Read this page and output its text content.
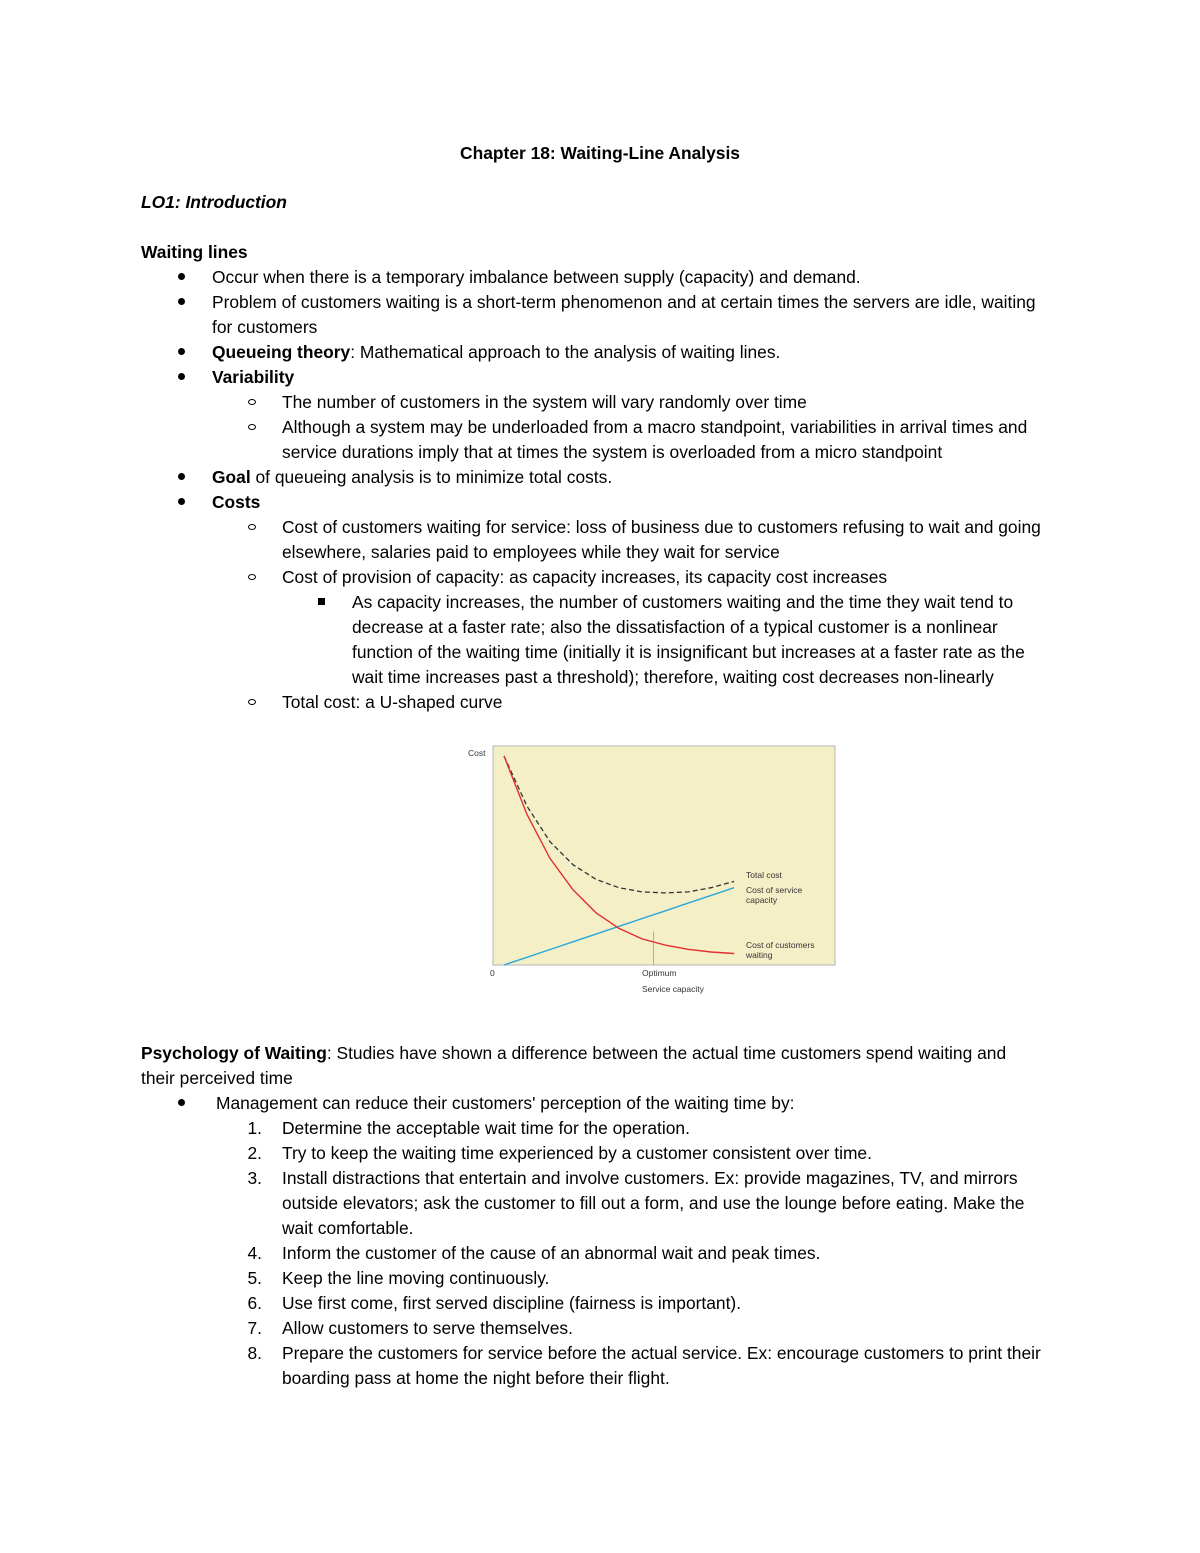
Chapter 18: Waiting-Line Analysis
LO1: Introduction
Waiting lines
Occur when there is a temporary imbalance between supply (capacity) and demand.
Problem of customers waiting is a short-term phenomenon and at certain times the servers are idle, waiting
for customers
Queueing theory: Mathematical approach to the analysis of waiting lines.
Variability
The number of customers in the system will vary randomly over time
Although a system may be underloaded from a macro standpoint, variabilities in arrival times and
service durations imply that at times the system is overloaded from a micro standpoint
Goal of queueing analysis is to minimize total costs.
Costs
Cost of customers waiting for service: loss of business due to customers refusing to wait and going
elsewhere, salaries paid to employees while they wait for service
Cost of provision of capacity: as capacity increases, its capacity cost increases
As capacity increases, the number of customers waiting and the time they wait tend to
decrease at a faster rate; also the dissatisfaction of a typical customer is a nonlinear
function of the waiting time (initially it is insignificant but increases at a faster rate as the
wait time increases past a threshold); therefore, waiting cost decreases non-linearly
Total cost: a U-shaped curve
Cost
0	Optimum
Service capacity
Total cost
Cost of service
capacity
Cost of customers
waiting
Psychology of Waiting: Studies have shown a difference between the actual time customers spend waiting and
their perceived time
Management can reduce their customers' perception of the waiting time by:
1. Determine the acceptable wait time for the operation.
2. Try to keep the waiting time experienced by a customer consistent over time.
3. Install distractions that entertain and involve customers. Ex: provide magazines, TV, and mirrors
outside elevators; ask the customer to fill out a form, and use the lounge before eating. Make the
wait comfortable.
4. Inform the customer of the cause of an abnormal wait and peak times.
5. Keep the line moving continuously.
6. Use first come, first served discipline (fairness is important).
7. Allow customers to serve themselves.
8. Prepare the customers for service before the actual service. Ex: encourage customers to print their
boarding pass at home the night before their flight.
